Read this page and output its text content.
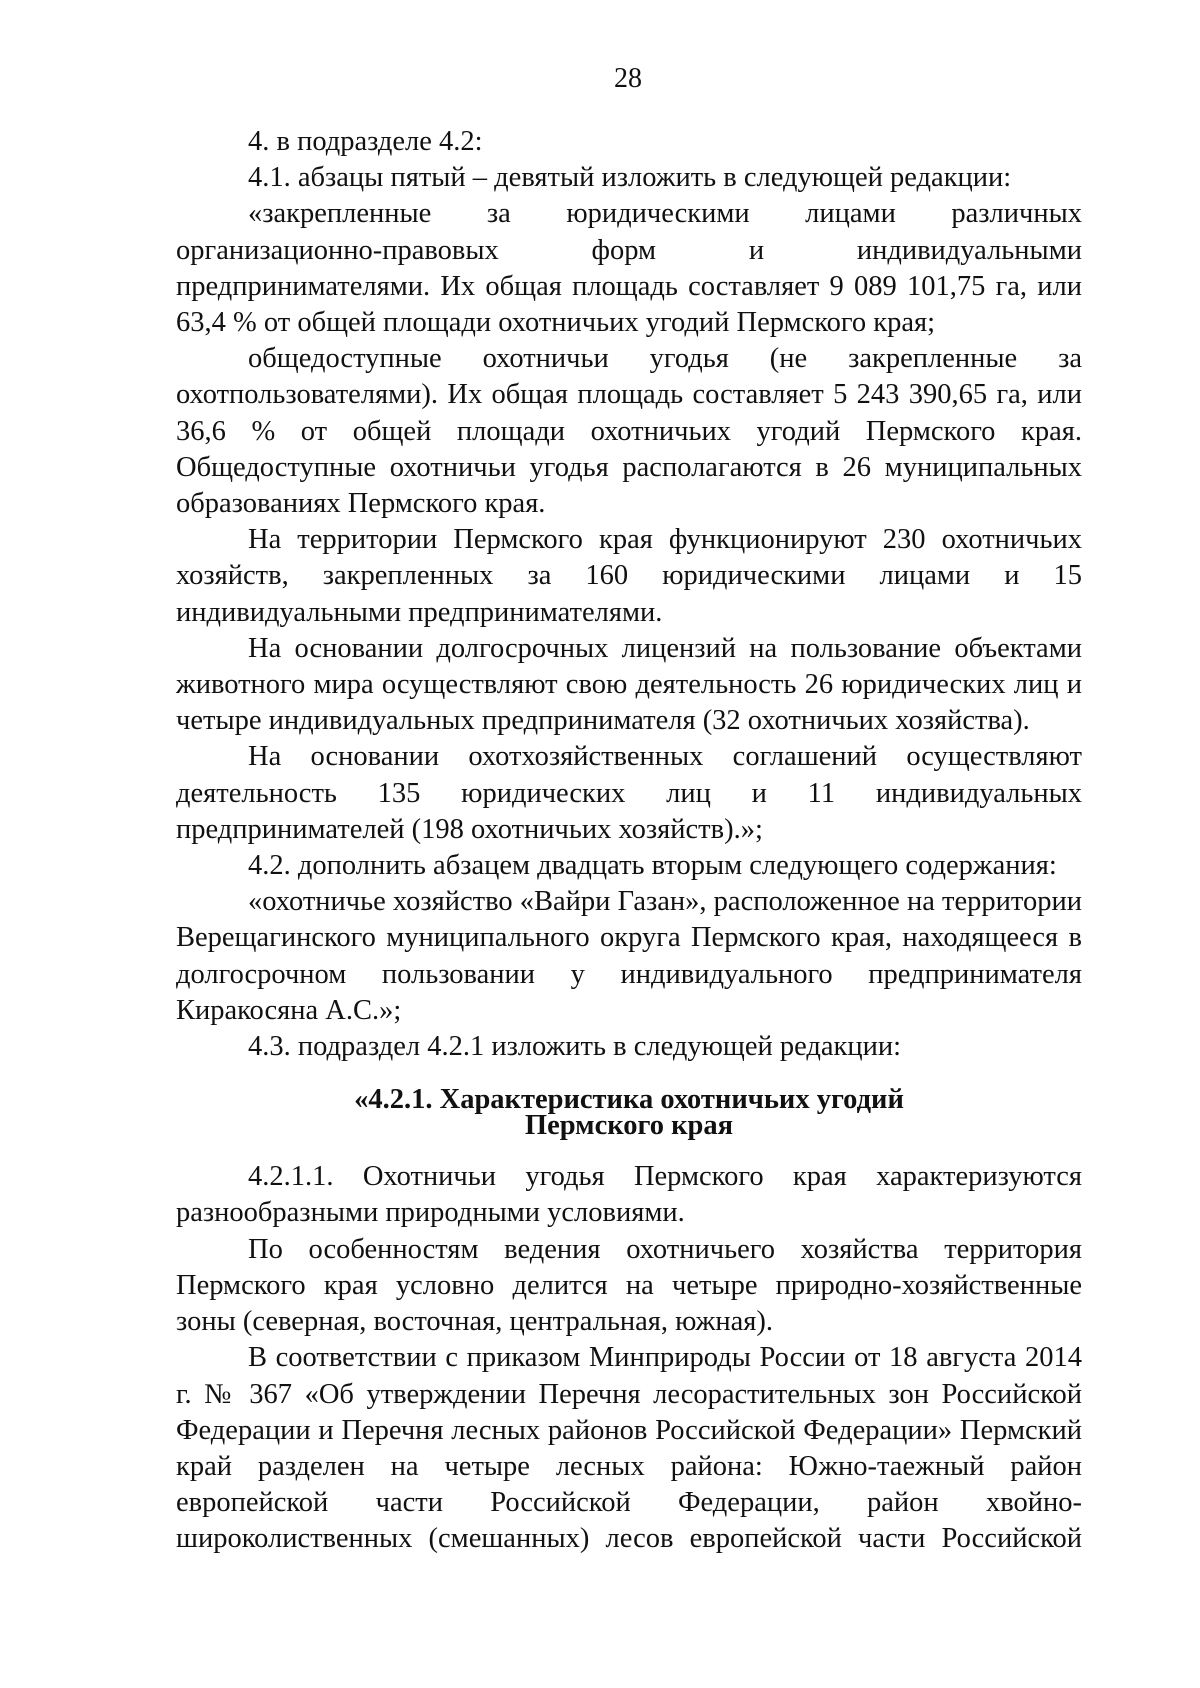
28

4. в подразделе 4.2:

4.1. абзацы пятый – девятый изложить в следующей редакции:

«закрепленные за юридическими лицами различных организационно-правовых форм и индивидуальными предпринимателями. Их общая площадь составляет 9 089 101,75 га, или 63,4 % от общей площади охотничьих угодий Пермского края;

общедоступные охотничьи угодья (не закрепленные за охотпользователями). Их общая площадь составляет 5 243 390,65 га, или 36,6 % от общей площади охотничьих угодий Пермского края. Общедоступные охотничьи угодья располагаются в 26 муниципальных образованиях Пермского края.

На территории Пермского края функционируют 230 охотничьих хозяйств, закрепленных за 160 юридическими лицами и 15 индивидуальными предпринимателями.

На основании долгосрочных лицензий на пользование объектами животного мира осуществляют свою деятельность 26 юридических лиц и четыре индивидуальных предпринимателя (32 охотничьих хозяйства).

На основании охотхозяйственных соглашений осуществляют деятельность 135 юридических лиц и 11 индивидуальных предпринимателей (198 охотничьих хозяйств).»;

4.2. дополнить абзацем двадцать вторым следующего содержания:

«охотничье хозяйство «Вайри Газан», расположенное на территории Верещагинского муниципального округа Пермского края, находящееся в долгосрочном пользовании у индивидуального предпринимателя Киракосяна А.С.»;

4.3. подраздел 4.2.1 изложить в следующей редакции:

«4.2.1. Характеристика охотничьих угодий
Пермского края

4.2.1.1. Охотничьи угодья Пермского края характеризуются разнообразными природными условиями.

По особенностям ведения охотничьего хозяйства территория Пермского края условно делится на четыре природно-хозяйственные зоны (северная, восточная, центральная, южная).

В соответствии с приказом Минприроды России от 18 августа 2014 г. № 367 «Об утверждении Перечня лесорастительных зон Российской Федерации и Перечня лесных районов Российской Федерации» Пермский край разделен на четыре лесных района: Южно-таежный район европейской части Российской Федерации, район хвойно-широколиственных (смешанных) лесов европейской части Российской
